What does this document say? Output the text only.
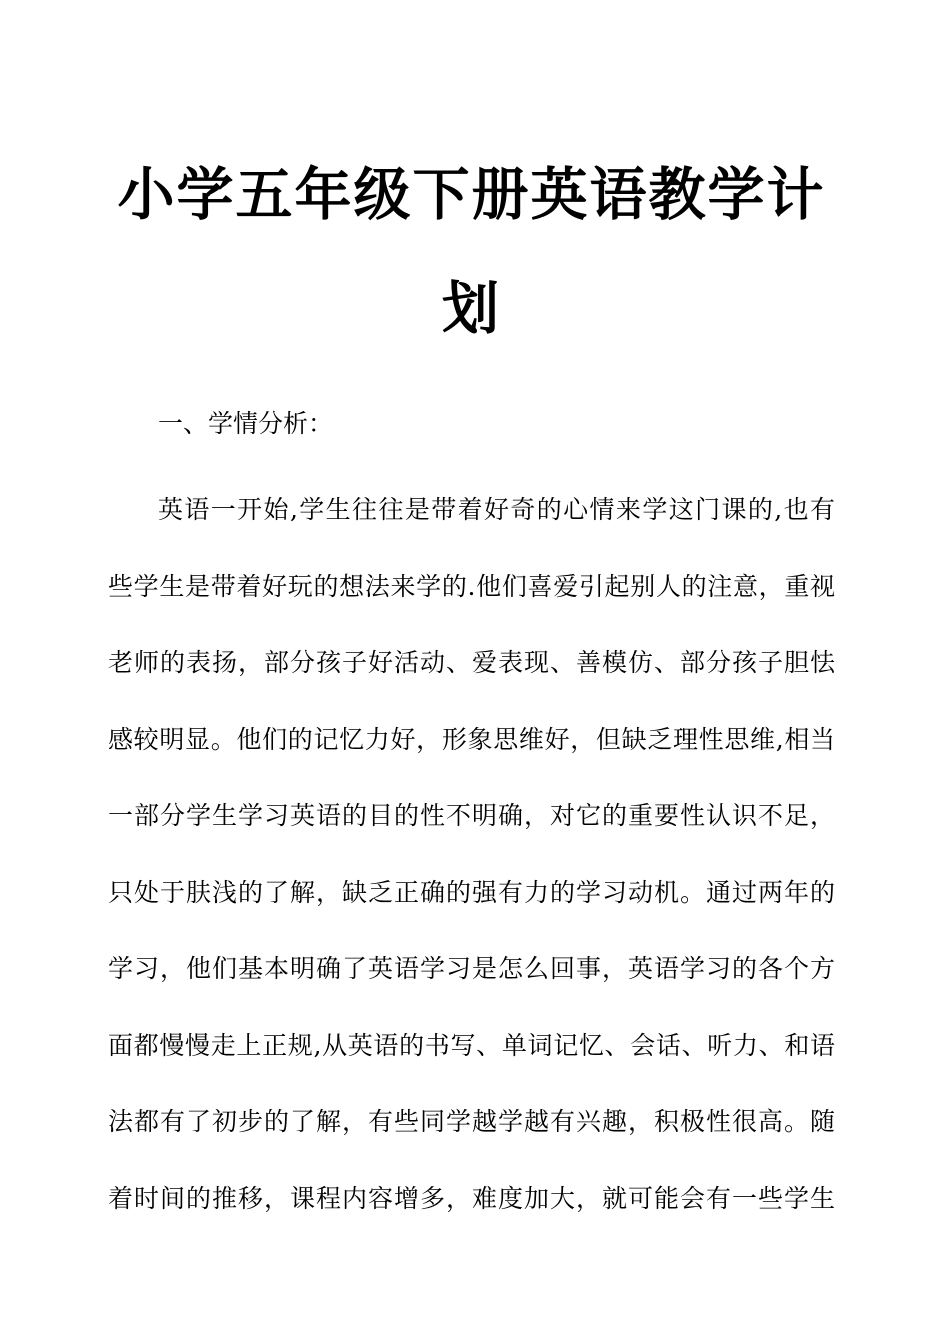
小学五年级下册英语教学计
划

一、学情分析：

英语一开始,学生往往是带着好奇的心情来学这门课的,也有
些学生是带着好玩的想法来学的.他们喜爱引起别人的注意，重视
老师的表扬，部分孩子好活动、爱表现、善模仿、部分孩子胆怯
感较明显。他们的记忆力好，形象思维好，但缺乏理性思维,相当
一部分学生学习英语的目的性不明确，对它的重要性认识不足，
只处于肤浅的了解，缺乏正确的强有力的学习动机。通过两年的
学习，他们基本明确了英语学习是怎么回事，英语学习的各个方
面都慢慢走上正规,从英语的书写、单词记忆、会话、听力、和语
法都有了初步的了解，有些同学越学越有兴趣，积极性很高。随
着时间的推移，课程内容增多，难度加大，就可能会有一些学生
